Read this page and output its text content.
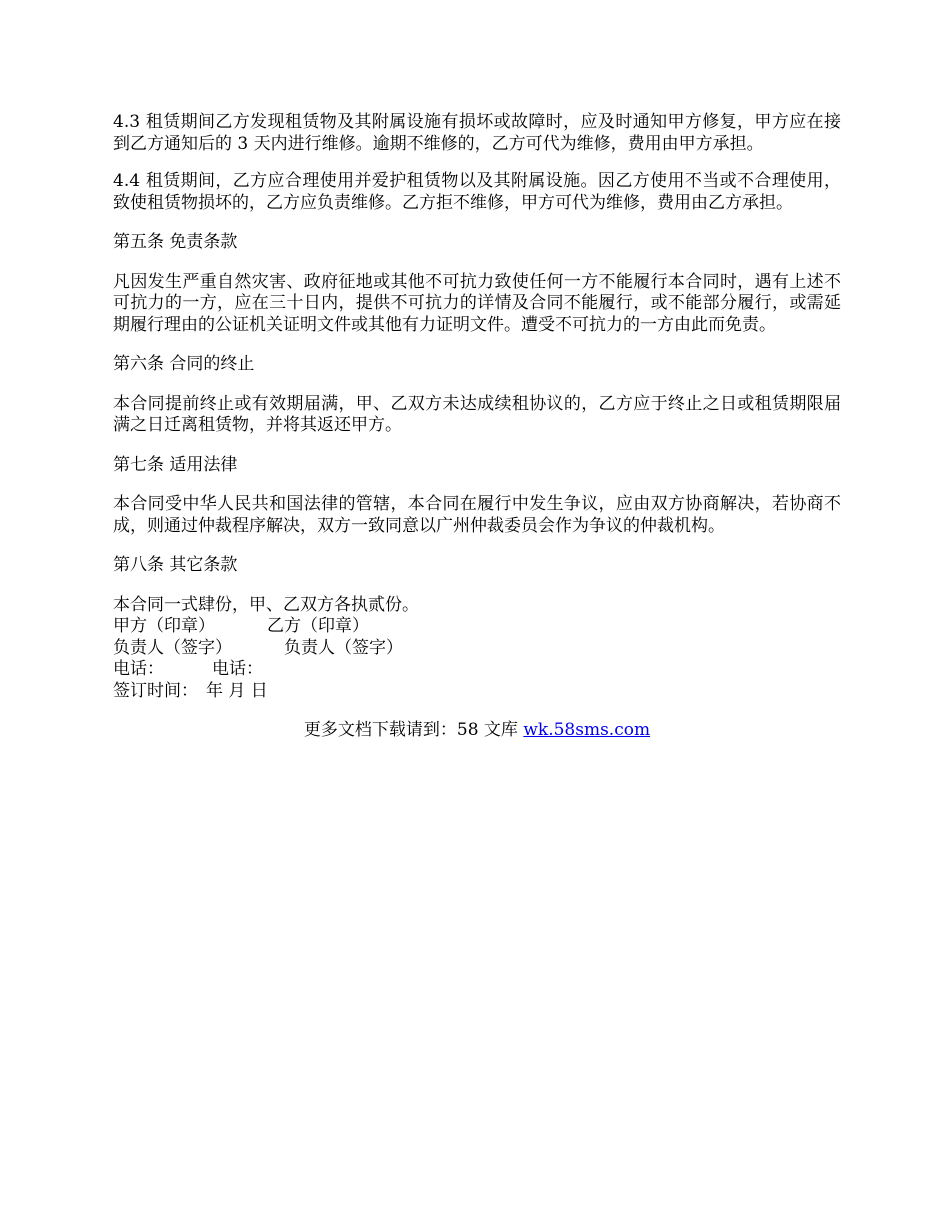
4.3 租赁期间乙方发现租赁物及其附属设施有损坏或故障时，应及时通知甲方修复，甲方应在接到乙方通知后的 3 天内进行维修。逾期不维修的，乙方可代为维修，费用由甲方承担。

4.4 租赁期间，乙方应合理使用并爱护租赁物以及其附属设施。因乙方使用不当或不合理使用，致使租赁物损坏的，乙方应负责维修。乙方拒不维修，甲方可代为维修，费用由乙方承担。

第五条 免责条款

凡因发生严重自然灾害、政府征地或其他不可抗力致使任何一方不能履行本合同时，遇有上述不可抗力的一方，应在三十日内，提供不可抗力的详情及合同不能履行，或不能部分履行，或需延期履行理由的公证机关证明文件或其他有力证明文件。遭受不可抗力的一方由此而免责。

第六条 合同的终止

本合同提前终止或有效期届满，甲、乙双方未达成续租协议的，乙方应于终止之日或租赁期限届满之日迁离租赁物，并将其返还甲方。

第七条 适用法律

本合同受中华人民共和国法律的管辖，本合同在履行中发生争议，应由双方协商解决，若协商不成，则通过仲裁程序解决，双方一致同意以广州仲裁委员会作为争议的仲裁机构。

第八条 其它条款

本合同一式肆份，甲、乙双方各执贰份。

甲方（印章）	乙方（印章）

负责人（签字）	负责人（签字）

电话：	电话：

签订时间： 年 月 日

更多文档下载请到：58 文库 wk.58sms.com
